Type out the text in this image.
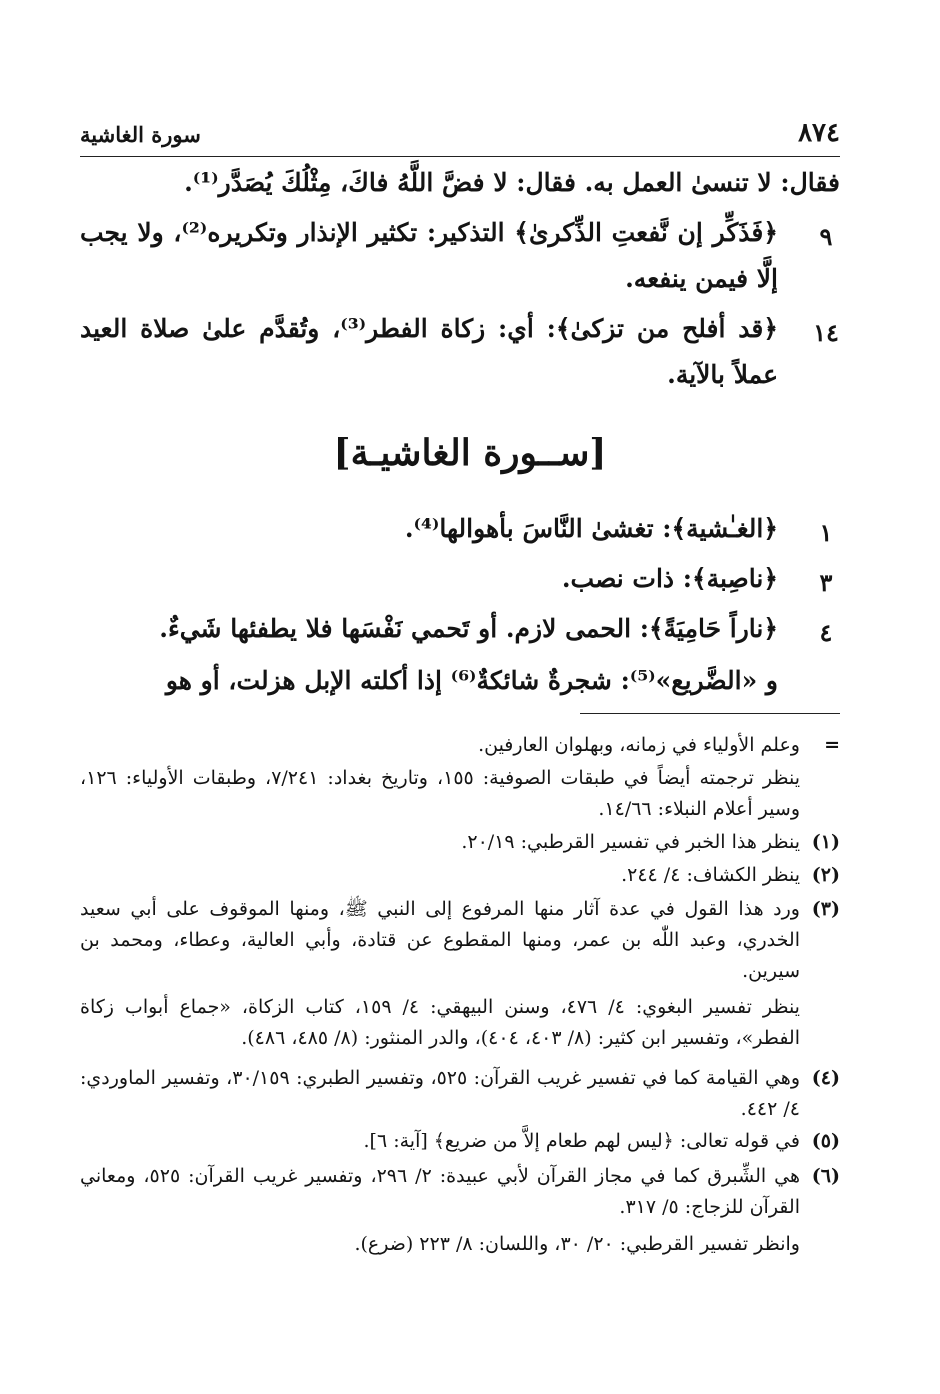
٨٧٤
سورة الغاشية
فقال: لا تنسىٰ العمل به. فقال: لا فضَّ اللَّهُ فاكَ، مِثْلُكَ يُصَدَّر⁽¹⁾.
٩
﴿فَذَكِّر إن نَّفعتِ الذِّكرىٰ﴾ التذكير: تكثير الإنذار وتكريره⁽²⁾، ولا يجب إلَّا فيمن ينفعه.
١٤
﴿قد أفلح من تزكىٰ﴾: أي: زكاة الفطر⁽³⁾، وتُقدَّم علىٰ صلاة العيد عملاً بالآية.
[ســورة الغاشيـة]
١
﴿الغـٰشية﴾: تغشىٰ النَّاسَ بأهوالها⁽⁴⁾.
٣
﴿ناصِبة﴾: ذات نصب.
٤
﴿ناراً حَامِيَةً﴾: الحمى لازم. أو تَحمي نَفْسَها فلا يطفئها شَيءٌ.
و «الضَّريع»⁽⁵⁾: شجرةٌ شائكةٌ⁽⁶⁾ إذا أكلته الإبل هزلت، أو هو
=
وعلم الأولياء في زمانه، وبهلوان العارفين.
ينظر ترجمته أيضاً في طبقات الصوفية: ١٥٥، وتاريخ بغداد: ٧/٢٤١، وطبقات الأولياء: ١٢٦، وسير أعلام النبلاء: ١٤/٦٦.
(١)
ينظر هذا الخبر في تفسير القرطبي: ٢٠/١٩.
(٢)
ينظر الكشاف: ٤/ ٢٤٤.
(٣)
ورد هذا القول في عدة آثار منها المرفوع إلى النبي ﷺ، ومنها الموقوف على أبي سعيد الخدري، وعبد اللّٰه بن عمر، ومنها المقطوع عن قتادة، وأبي العالية، وعطاء، ومحمد بن سيرين.
ينظر تفسير البغوي: ٤/ ٤٧٦، وسنن البيهقي: ٤/ ١٥٩، كتاب الزكاة، «جماع أبواب زكاة الفطر»، وتفسير ابن كثير: (٨/ ٤٠٣، ٤٠٤)، والدر المنثور: (٨/ ٤٨٥، ٤٨٦).
(٤)
وهي القيامة كما في تفسير غريب القرآن: ٥٢٥، وتفسير الطبري: ٣٠/١٥٩، وتفسير الماوردي: ٤/ ٤٤٢.
(٥)
في قوله تعالى: ﴿ليس لهم طعام إلاَّ من ضريع﴾ [آية: ٦].
(٦)
هي الشِّبرق كما في مجاز القرآن لأبي عبيدة: ٢/ ٢٩٦، وتفسير غريب القرآن: ٥٢٥، ومعاني القرآن للزجاج: ٥/ ٣١٧.
وانظر تفسير القرطبي: ٢٠/ ٣٠، واللسان: ٨/ ٢٢٣ (ضرع).
